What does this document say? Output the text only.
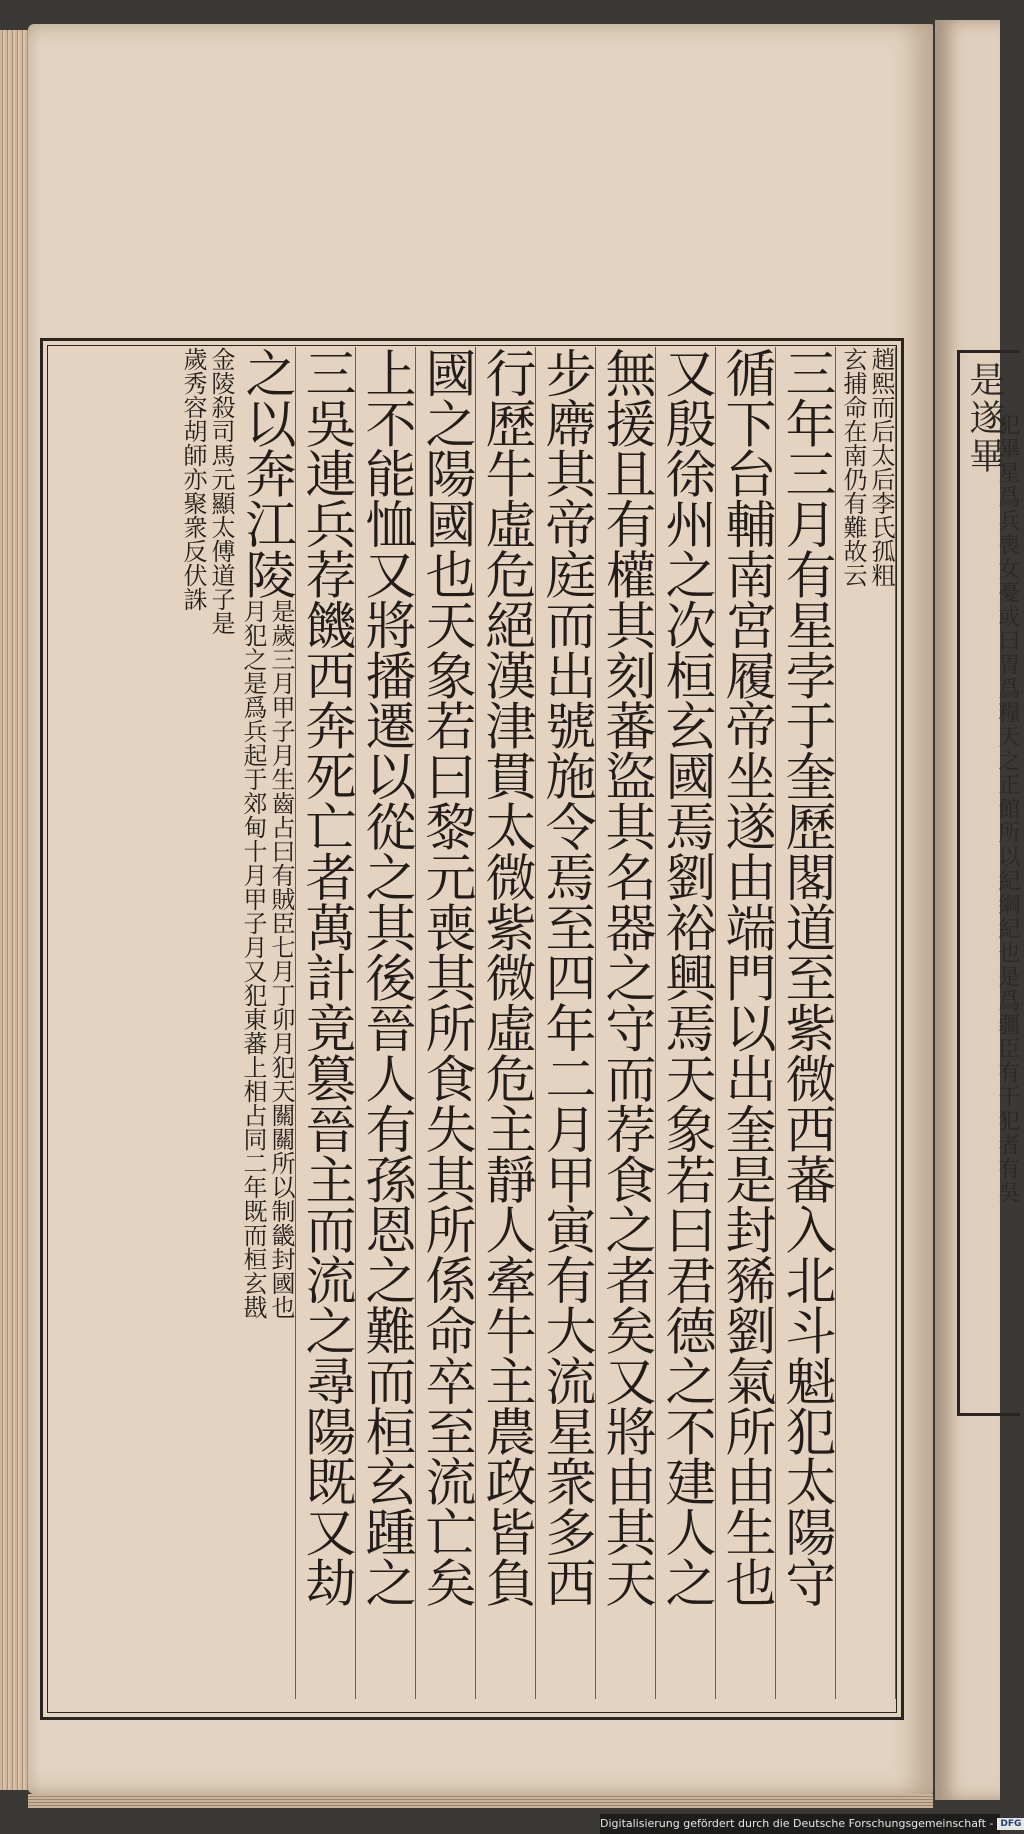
是遂畢
犯畢星爲兵喪女憂或曰胃爲糧天之正館所以紀綱紀也是爲疆臣有干犯者有吳
趙熙而后太后李氏孤粗
玄捕命在南仍有難故云
三年三月有星孛于奎歷閣道至紫微西蕃入北斗魁犯太陽守
循下台輔南宮履帝坐遂由端門以出奎是封豨劉氣所由生也
又殷徐州之次桓玄國焉劉裕興焉天象若曰君德之不建人之
無援且有權其刻蕃盜其名器之守而荐食之者矣又將由其天
步廗其帝庭而出號施令焉至四年二月甲寅有大流星衆多西
行歷牛虛危絕漢津貫太微紫微虛危主靜人牽牛主農政皆負
國之陽國也天象若曰黎元喪其所食失其所係命卒至流亡矣
上不能恤又將播遷以從之其後晉人有孫恩之難而桓玄踵之
三吳連兵荐饑西奔死亡者萬計竟篡晉主而流之尋陽既又劫
之以奔江陵
是歲三月甲子月生齒占曰有賊臣七月丁卯月犯天關關所以制畿封國也
月犯之是爲兵起于郊甸十月甲子月又犯東蕃上相占同二年既而桓玄戡
金陵殺司馬元顯太傅道子是
歲秀容胡師亦聚衆反伏誅
Digitalisierung gefördert durch die Deutsche Forschungsgemeinschaft - DFG
